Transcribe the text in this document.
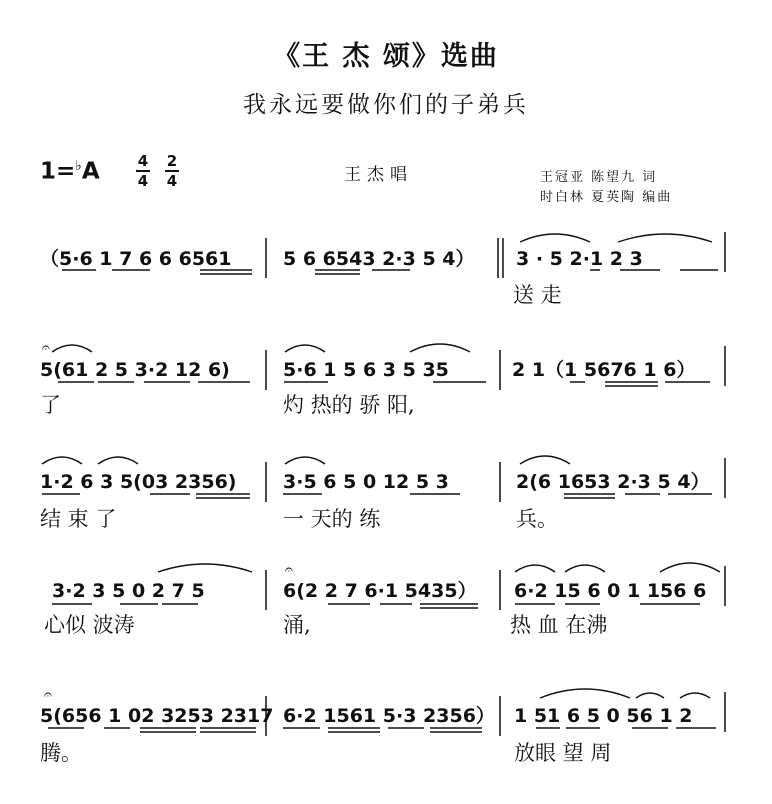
《王 杰 颂》选曲
我永远要做你们的子弟兵
1=♭A	4
4
2
4	王杰唱	王冠亚 陈望九 词
时白林 夏英陶 编曲
（5·6 1 7 6 6 6561	5 6 6543 2·3 5 4） 3 · 5 2·1 2 3
送 走
𝄐
5(61 2 5 3·2 12 6)	5·6 1 5 6 3 5 35	2 1（1 5676 1 6）
了	灼 热的 骄 阳,
1·2 6 3 5(03 2356) 3·5 6 5 0 12 5 3	2(6 1653 2·3 5 4）
结 束 了	一 天的 练	兵。
3·2 3 5 0 2 7 5	6(2 2 7 6·1 5435） 6·2 15 6 0 1 156 6
𝄐
心似 波涛	涌,	热 血 在沸
𝄐
5(656 1 02 3253 2317 6·2 1561 5·3 2356） 1 51 6 5 0 56 1 2
腾。	放眼 望 周
